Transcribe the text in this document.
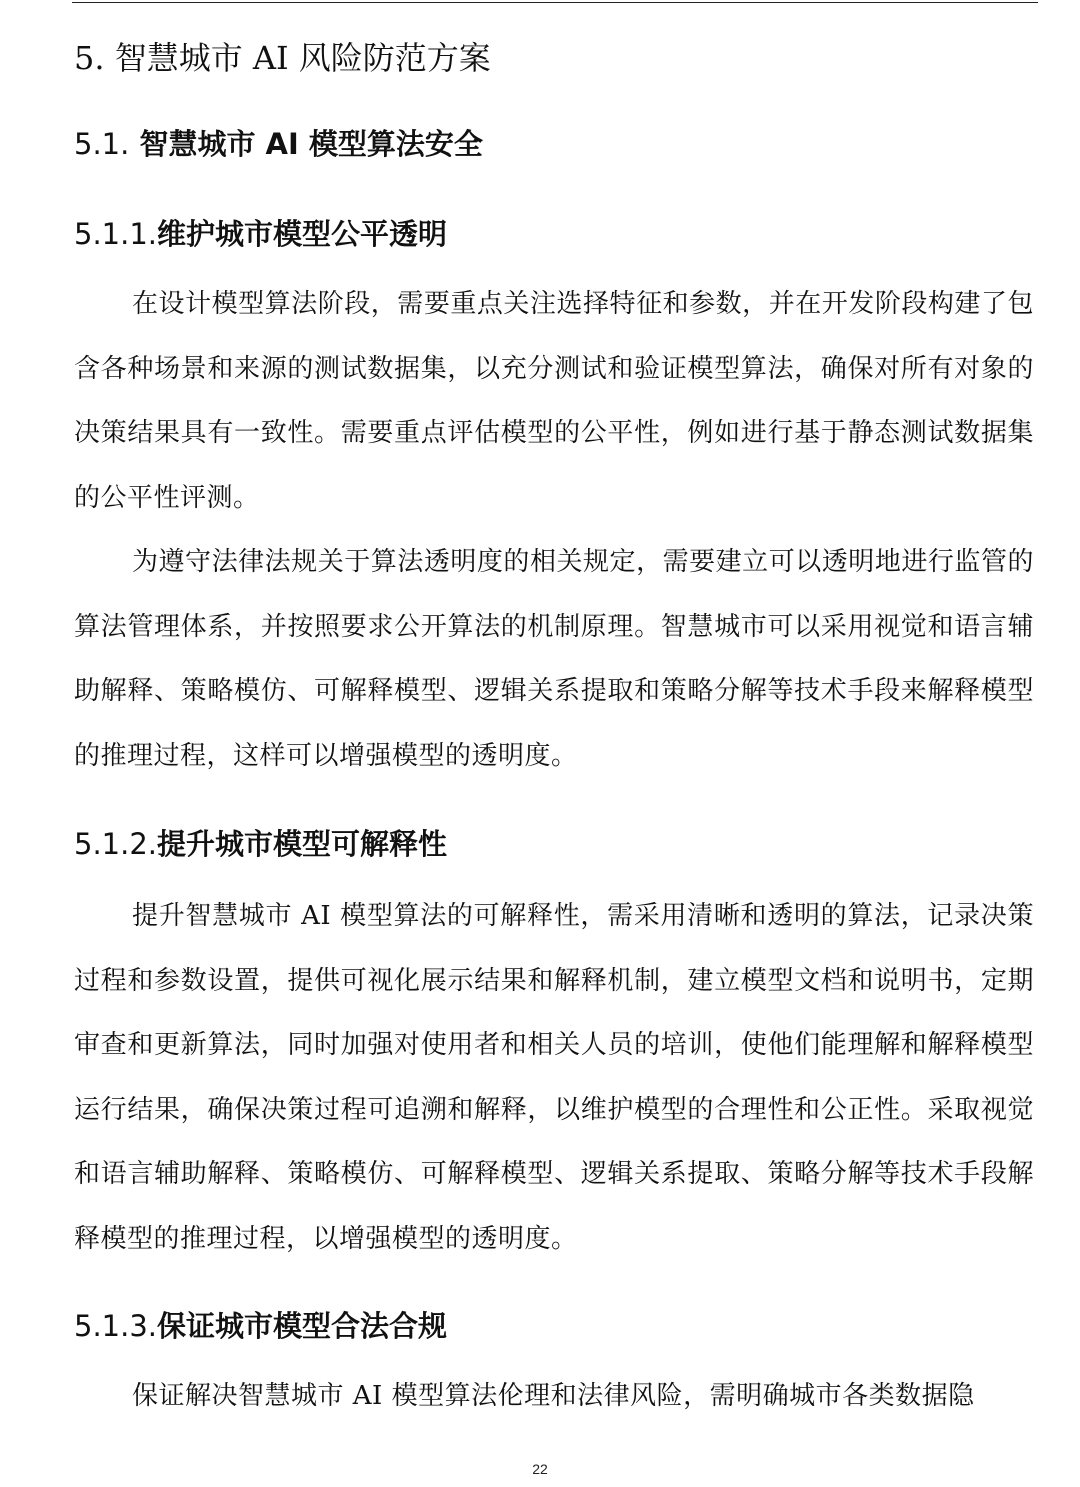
5. 智慧城市 AI 风险防范方案
5.1. 智慧城市 AI 模型算法安全
5.1.1.维护城市模型公平透明

在设计模型算法阶段，需要重点关注选择特征和参数，并在开发阶段构建了包含各种场景和来源的测试数据集，以充分测试和验证模型算法，确保对所有对象的决策结果具有一致性。需要重点评估模型的公平性，例如进行基于静态测试数据集的公平性评测。

为遵守法律法规关于算法透明度的相关规定，需要建立可以透明地进行监管的算法管理体系，并按照要求公开算法的机制原理。智慧城市可以采用视觉和语言辅助解释、策略模仿、可解释模型、逻辑关系提取和策略分解等技术手段来解释模型的推理过程，这样可以增强模型的透明度。

5.1.2.提升城市模型可解释性

提升智慧城市 AI 模型算法的可解释性，需采用清晰和透明的算法，记录决策过程和参数设置，提供可视化展示结果和解释机制，建立模型文档和说明书，定期审查和更新算法，同时加强对使用者和相关人员的培训，使他们能理解和解释模型运行结果，确保决策过程可追溯和解释，以维护模型的合理性和公正性。采取视觉和语言辅助解释、策略模仿、可解释模型、逻辑关系提取、策略分解等技术手段解释模型的推理过程，以增强模型的透明度。

5.1.3.保证城市模型合法合规

保证解决智慧城市 AI 模型算法伦理和法律风险，需明确城市各类数据隐

22
